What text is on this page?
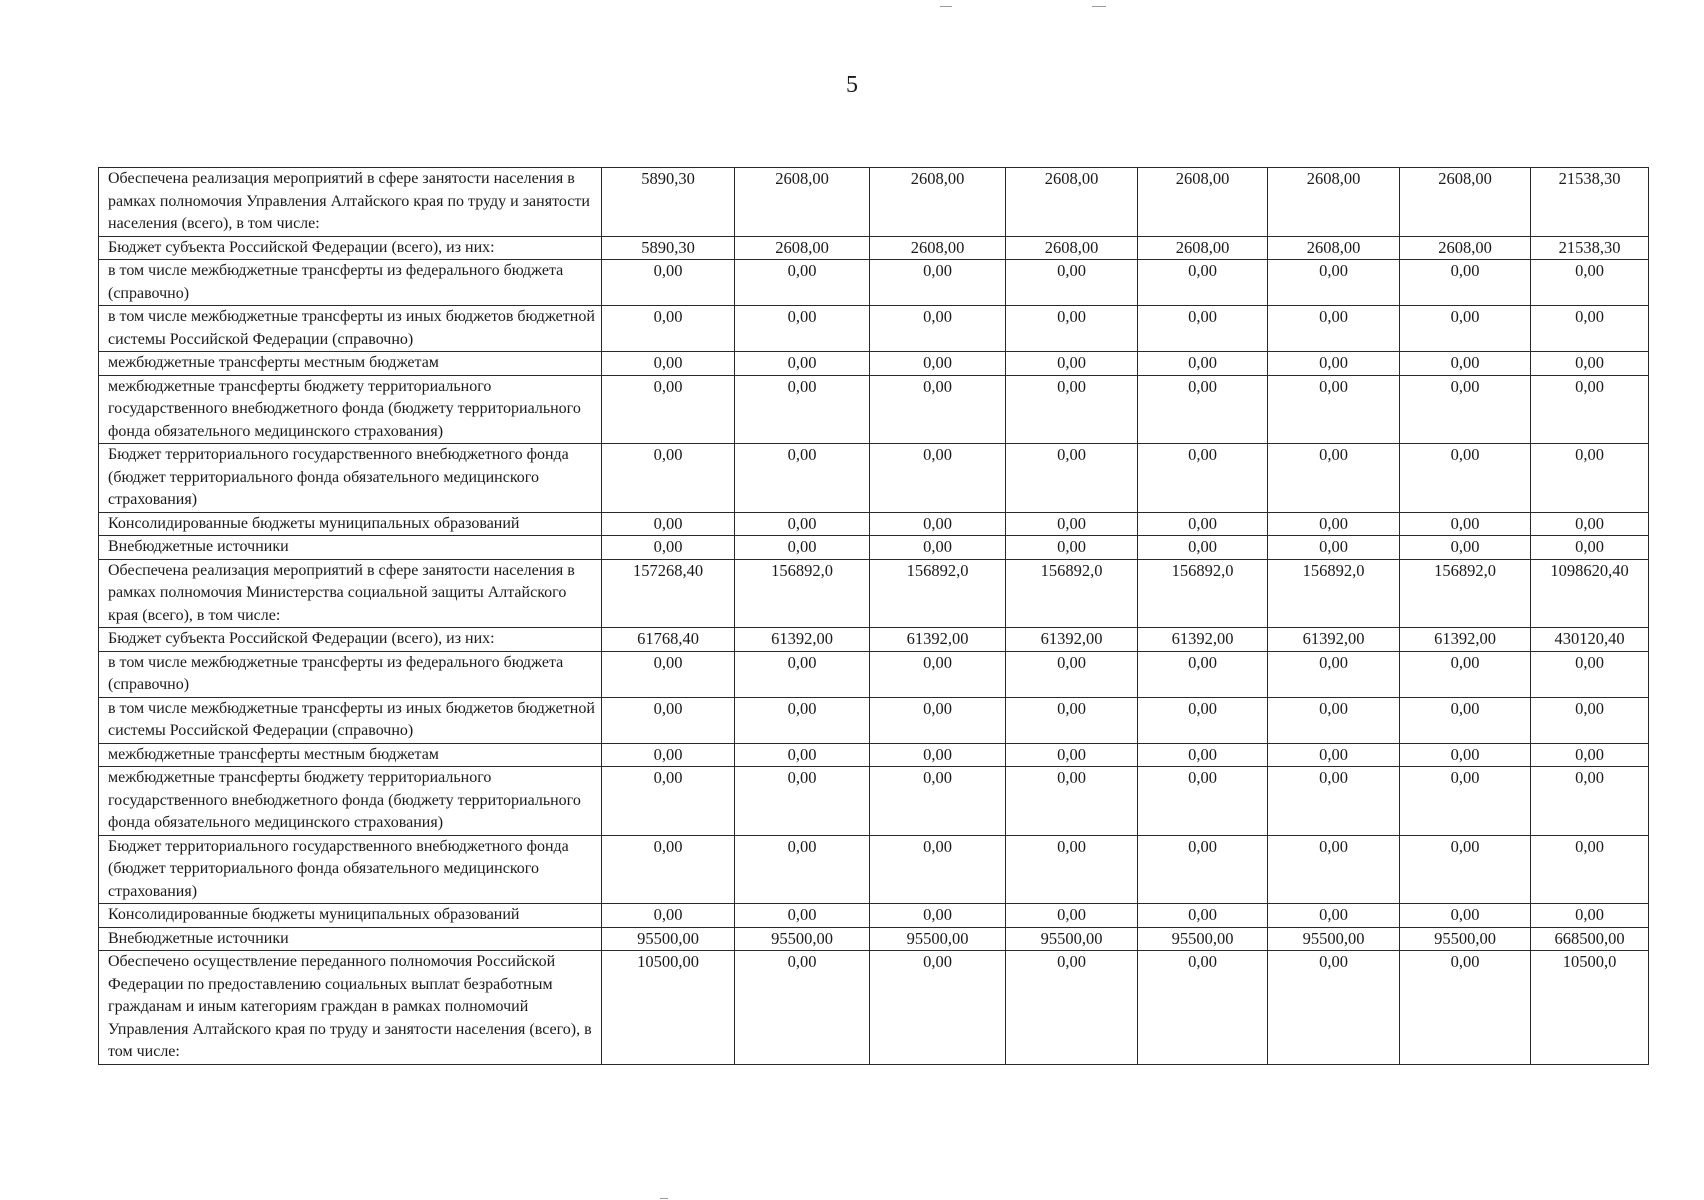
5
Обеспечена реализация мероприятий в сфере занятости населения в рамках полномочия Управления Алтайского края по труду и занятости населения (всего), в том числе:	5890,30	2608,00	2608,00	2608,00	2608,00	2608,00	2608,00	21538,30
Бюджет субъекта Российской Федерации (всего), из них:	5890,30	2608,00	2608,00	2608,00	2608,00	2608,00	2608,00	21538,30
в том числе межбюджетные трансферты из федерального бюджета (справочно)	0,00	0,00	0,00	0,00	0,00	0,00	0,00	0,00
в том числе межбюджетные трансферты из иных бюджетов бюджетной системы Российской Федерации (справочно)	0,00	0,00	0,00	0,00	0,00	0,00	0,00	0,00
межбюджетные трансферты местным бюджетам	0,00	0,00	0,00	0,00	0,00	0,00	0,00	0,00
межбюджетные трансферты бюджету территориального государственного внебюджетного фонда (бюджету территориального фонда обязательного медицинского страхования)	0,00	0,00	0,00	0,00	0,00	0,00	0,00	0,00
Бюджет территориального государственного внебюджетного фонда (бюджет территориального фонда обязательного медицинского страхования)	0,00	0,00	0,00	0,00	0,00	0,00	0,00	0,00
Консолидированные бюджеты муниципальных образований	0,00	0,00	0,00	0,00	0,00	0,00	0,00	0,00
Внебюджетные источники	0,00	0,00	0,00	0,00	0,00	0,00	0,00	0,00
Обеспечена реализация мероприятий в сфере занятости населения в рамках полномочия Министерства социальной защиты Алтайского края (всего), в том числе:	157268,40	156892,0	156892,0	156892,0	156892,0	156892,0	156892,0	1098620,40
Бюджет субъекта Российской Федерации (всего), из них:	61768,40	61392,00	61392,00	61392,00	61392,00	61392,00	61392,00	430120,40
в том числе межбюджетные трансферты из федерального бюджета (справочно)	0,00	0,00	0,00	0,00	0,00	0,00	0,00	0,00
в том числе межбюджетные трансферты из иных бюджетов бюджетной системы Российской Федерации (справочно)	0,00	0,00	0,00	0,00	0,00	0,00	0,00	0,00
межбюджетные трансферты местным бюджетам	0,00	0,00	0,00	0,00	0,00	0,00	0,00	0,00
межбюджетные трансферты бюджету территориального государственного внебюджетного фонда (бюджету территориального фонда обязательного медицинского страхования)	0,00	0,00	0,00	0,00	0,00	0,00	0,00	0,00
Бюджет территориального государственного внебюджетного фонда (бюджет территориального фонда обязательного медицинского страхования)	0,00	0,00	0,00	0,00	0,00	0,00	0,00	0,00
Консолидированные бюджеты муниципальных образований	0,00	0,00	0,00	0,00	0,00	0,00	0,00	0,00
Внебюджетные источники	95500,00	95500,00	95500,00	95500,00	95500,00	95500,00	95500,00	668500,00
Обеспечено осуществление переданного полномочия Российской Федерации по предоставлению социальных выплат безработным гражданам и иным категориям граждан в рамках полномочий Управления Алтайского края по труду и занятости населения (всего), в том числе:	10500,00	0,00	0,00	0,00	0,00	0,00	0,00	10500,0
